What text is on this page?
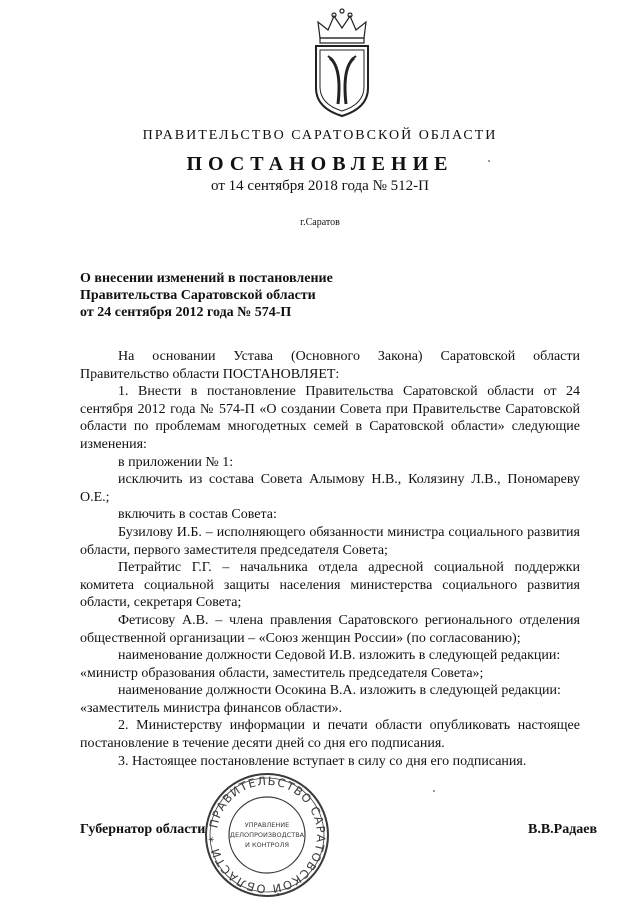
ПРАВИТЕЛЬСТВО САРАТОВСКОЙ ОБЛАСТИ
ПОСТАНОВЛЕНИЕ
от 14 сентября 2018 года № 512-П
г.Саратов
О внесении изменений в постановление
Правительства Саратовской области
от 24 сентября 2012 года № 574-П

На основании Устава (Основного Закона) Саратовской области Правительство области ПОСТАНОВЛЯЕТ:

1. Внести в постановление Правительства Саратовской области от 24 сентября 2012 года № 574-П «О создании Совета при Правительстве Саратовской области по проблемам многодетных семей в Саратовской области» следующие изменения:

в приложении № 1:

исключить из состава Совета Алымову Н.В., Колязину Л.В., Пономареву О.Е.;

включить в состав Совета:

Бузилову И.Б. – исполняющего обязанности министра социального развития области, первого заместителя председателя Совета;

Петрайтис Г.Г. – начальника отдела адресной социальной поддержки комитета социальной защиты населения министерства социального развития области, секретаря Совета;

Фетисову А.В. – члена правления Саратовского регионального отделения общественной организации – «Союз женщин России» (по согласованию);

наименование должности Седовой И.В. изложить в следующей редакции:

«министр образования области, заместитель председателя Совета»;

наименование должности Осокина В.А. изложить в следующей редакции:

«заместитель министра финансов области».

2. Министерству информации и печати области опубликовать настоящее постановление в течение десяти дней со дня его подписания.

3. Настоящее постановление вступает в силу со дня его подписания.

ПРАВИТЕЛЬСТВО САРАТОВСКОЙ ОБЛАСТИ *
УПРАВЛЕНИЕ
ДЕЛОПРОИЗВОДСТВА
И КОНТРОЛЯ
Губернатор области	В.В.Радаев
